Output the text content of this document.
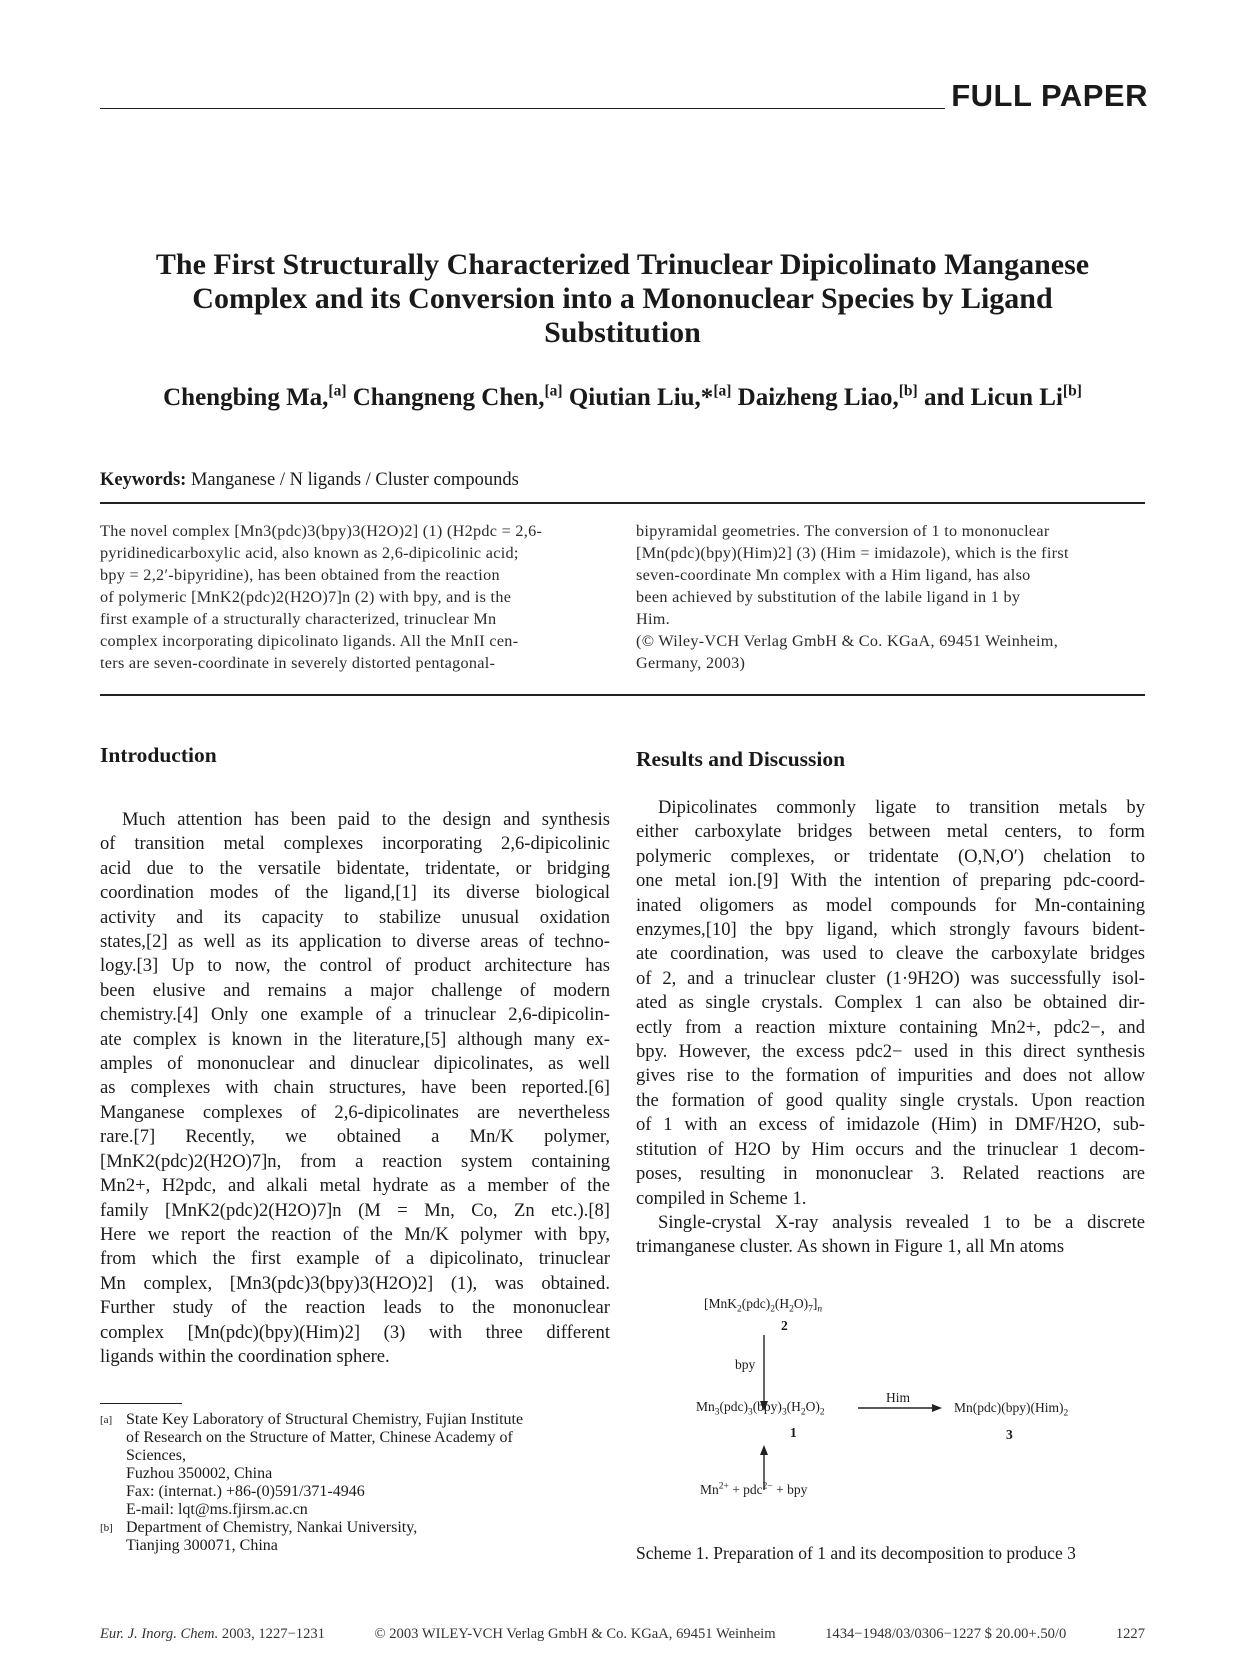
FULL PAPER
The First Structurally Characterized Trinuclear Dipicolinato Manganese
Complex and its Conversion into a Mononuclear Species by Ligand
Substitution
Chengbing Ma,[a] Changneng Chen,[a] Qiutian Liu,*[a] Daizheng Liao,[b] and Licun Li[b]
Keywords: Manganese / N ligands / Cluster compounds
The novel complex [Mn3(pdc)3(bpy)3(H2O)2] (1) (H2pdc = 2,6-
pyridinedicarboxylic acid, also known as 2,6-dipicolinic acid;
bpy = 2,2′-bipyridine), has been obtained from the reaction
of polymeric [MnK2(pdc)2(H2O)7]n (2) with bpy, and is the
first example of a structurally characterized, trinuclear Mn
complex incorporating dipicolinato ligands. All the MnII cen-
ters are seven-coordinate in severely distorted pentagonal-
bipyramidal geometries. The conversion of 1 to mononuclear
[Mn(pdc)(bpy)(Him)2] (3) (Him = imidazole), which is the first
seven-coordinate Mn complex with a Him ligand, has also
been achieved by substitution of the labile ligand in 1 by
Him.
(© Wiley-VCH Verlag GmbH & Co. KGaA, 69451 Weinheim,
Germany, 2003)
Introduction
Much attention has been paid to the design and synthesis
of transition metal complexes incorporating 2,6-dipicolinic
acid due to the versatile bidentate, tridentate, or bridging
coordination modes of the ligand,[1] its diverse biological
activity and its capacity to stabilize unusual oxidation
states,[2] as well as its application to diverse areas of techno-
logy.[3] Up to now, the control of product architecture has
been elusive and remains a major challenge of modern
chemistry.[4] Only one example of a trinuclear 2,6-dipicolin-
ate complex is known in the literature,[5] although many ex-
amples of mononuclear and dinuclear dipicolinates, as well
as complexes with chain structures, have been reported.[6]
Manganese complexes of 2,6-dipicolinates are nevertheless
rare.[7] Recently, we obtained a Mn/K polymer,
[MnK2(pdc)2(H2O)7]n, from a reaction system containing
Mn2+, H2pdc, and alkali metal hydrate as a member of the
family [MnK2(pdc)2(H2O)7]n (M = Mn, Co, Zn etc.).[8]
Here we report the reaction of the Mn/K polymer with bpy,
from which the first example of a dipicolinato, trinuclear
Mn complex, [Mn3(pdc)3(bpy)3(H2O)2] (1), was obtained.
Further study of the reaction leads to the mononuclear
complex [Mn(pdc)(bpy)(Him)2] (3) with three different
ligands within the coordination sphere.
Results and Discussion
Dipicolinates commonly ligate to transition metals by
either carboxylate bridges between metal centers, to form
polymeric complexes, or tridentate (O,N,O′) chelation to
one metal ion.[9] With the intention of preparing pdc-coord-
inated oligomers as model compounds for Mn-containing
enzymes,[10] the bpy ligand, which strongly favours bident-
ate coordination, was used to cleave the carboxylate bridges
of 2, and a trinuclear cluster (1·9H2O) was successfully isol-
ated as single crystals. Complex 1 can also be obtained dir-
ectly from a reaction mixture containing Mn2+, pdc2−, and
bpy. However, the excess pdc2− used in this direct synthesis
gives rise to the formation of impurities and does not allow
the formation of good quality single crystals. Upon reaction
of 1 with an excess of imidazole (Him) in DMF/H2O, sub-
stitution of H2O by Him occurs and the trinuclear 1 decom-
poses, resulting in mononuclear 3. Related reactions are
compiled in Scheme 1.
Single-crystal X-ray analysis revealed 1 to be a discrete
trimanganese cluster. As shown in Figure 1, all Mn atoms
[a] State Key Laboratory of Structural Chemistry, Fujian Institute
of Research on the Structure of Matter, Chinese Academy of
Sciences,
Fuzhou 350002, China
Fax: (internat.) +86-(0)591/371-4946
E-mail: lqt@ms.fjirsm.ac.cn
[b] Department of Chemistry, Nankai University,
Tianjing 300071, China
$[MnK_2(pdc)_2(H_2O)_7]_n$
2
bpy
$Mn_3(pdc)_3(bpy)_3(H_2O)_2$
1
Him
$Mn(pdc)(bpy)(Him)_2$
3
$Mn^{2+} + pdc^{2-}$ + bpy
Scheme 1. Preparation of 1 and its decomposition to produce 3
Eur. J. Inorg. Chem. 2003, 1227−1231	© 2003 WILEY-VCH Verlag GmbH & Co. KGaA, 69451 Weinheim	1434−1948/03/0306−1227 $ 20.00+.50/0	1227
